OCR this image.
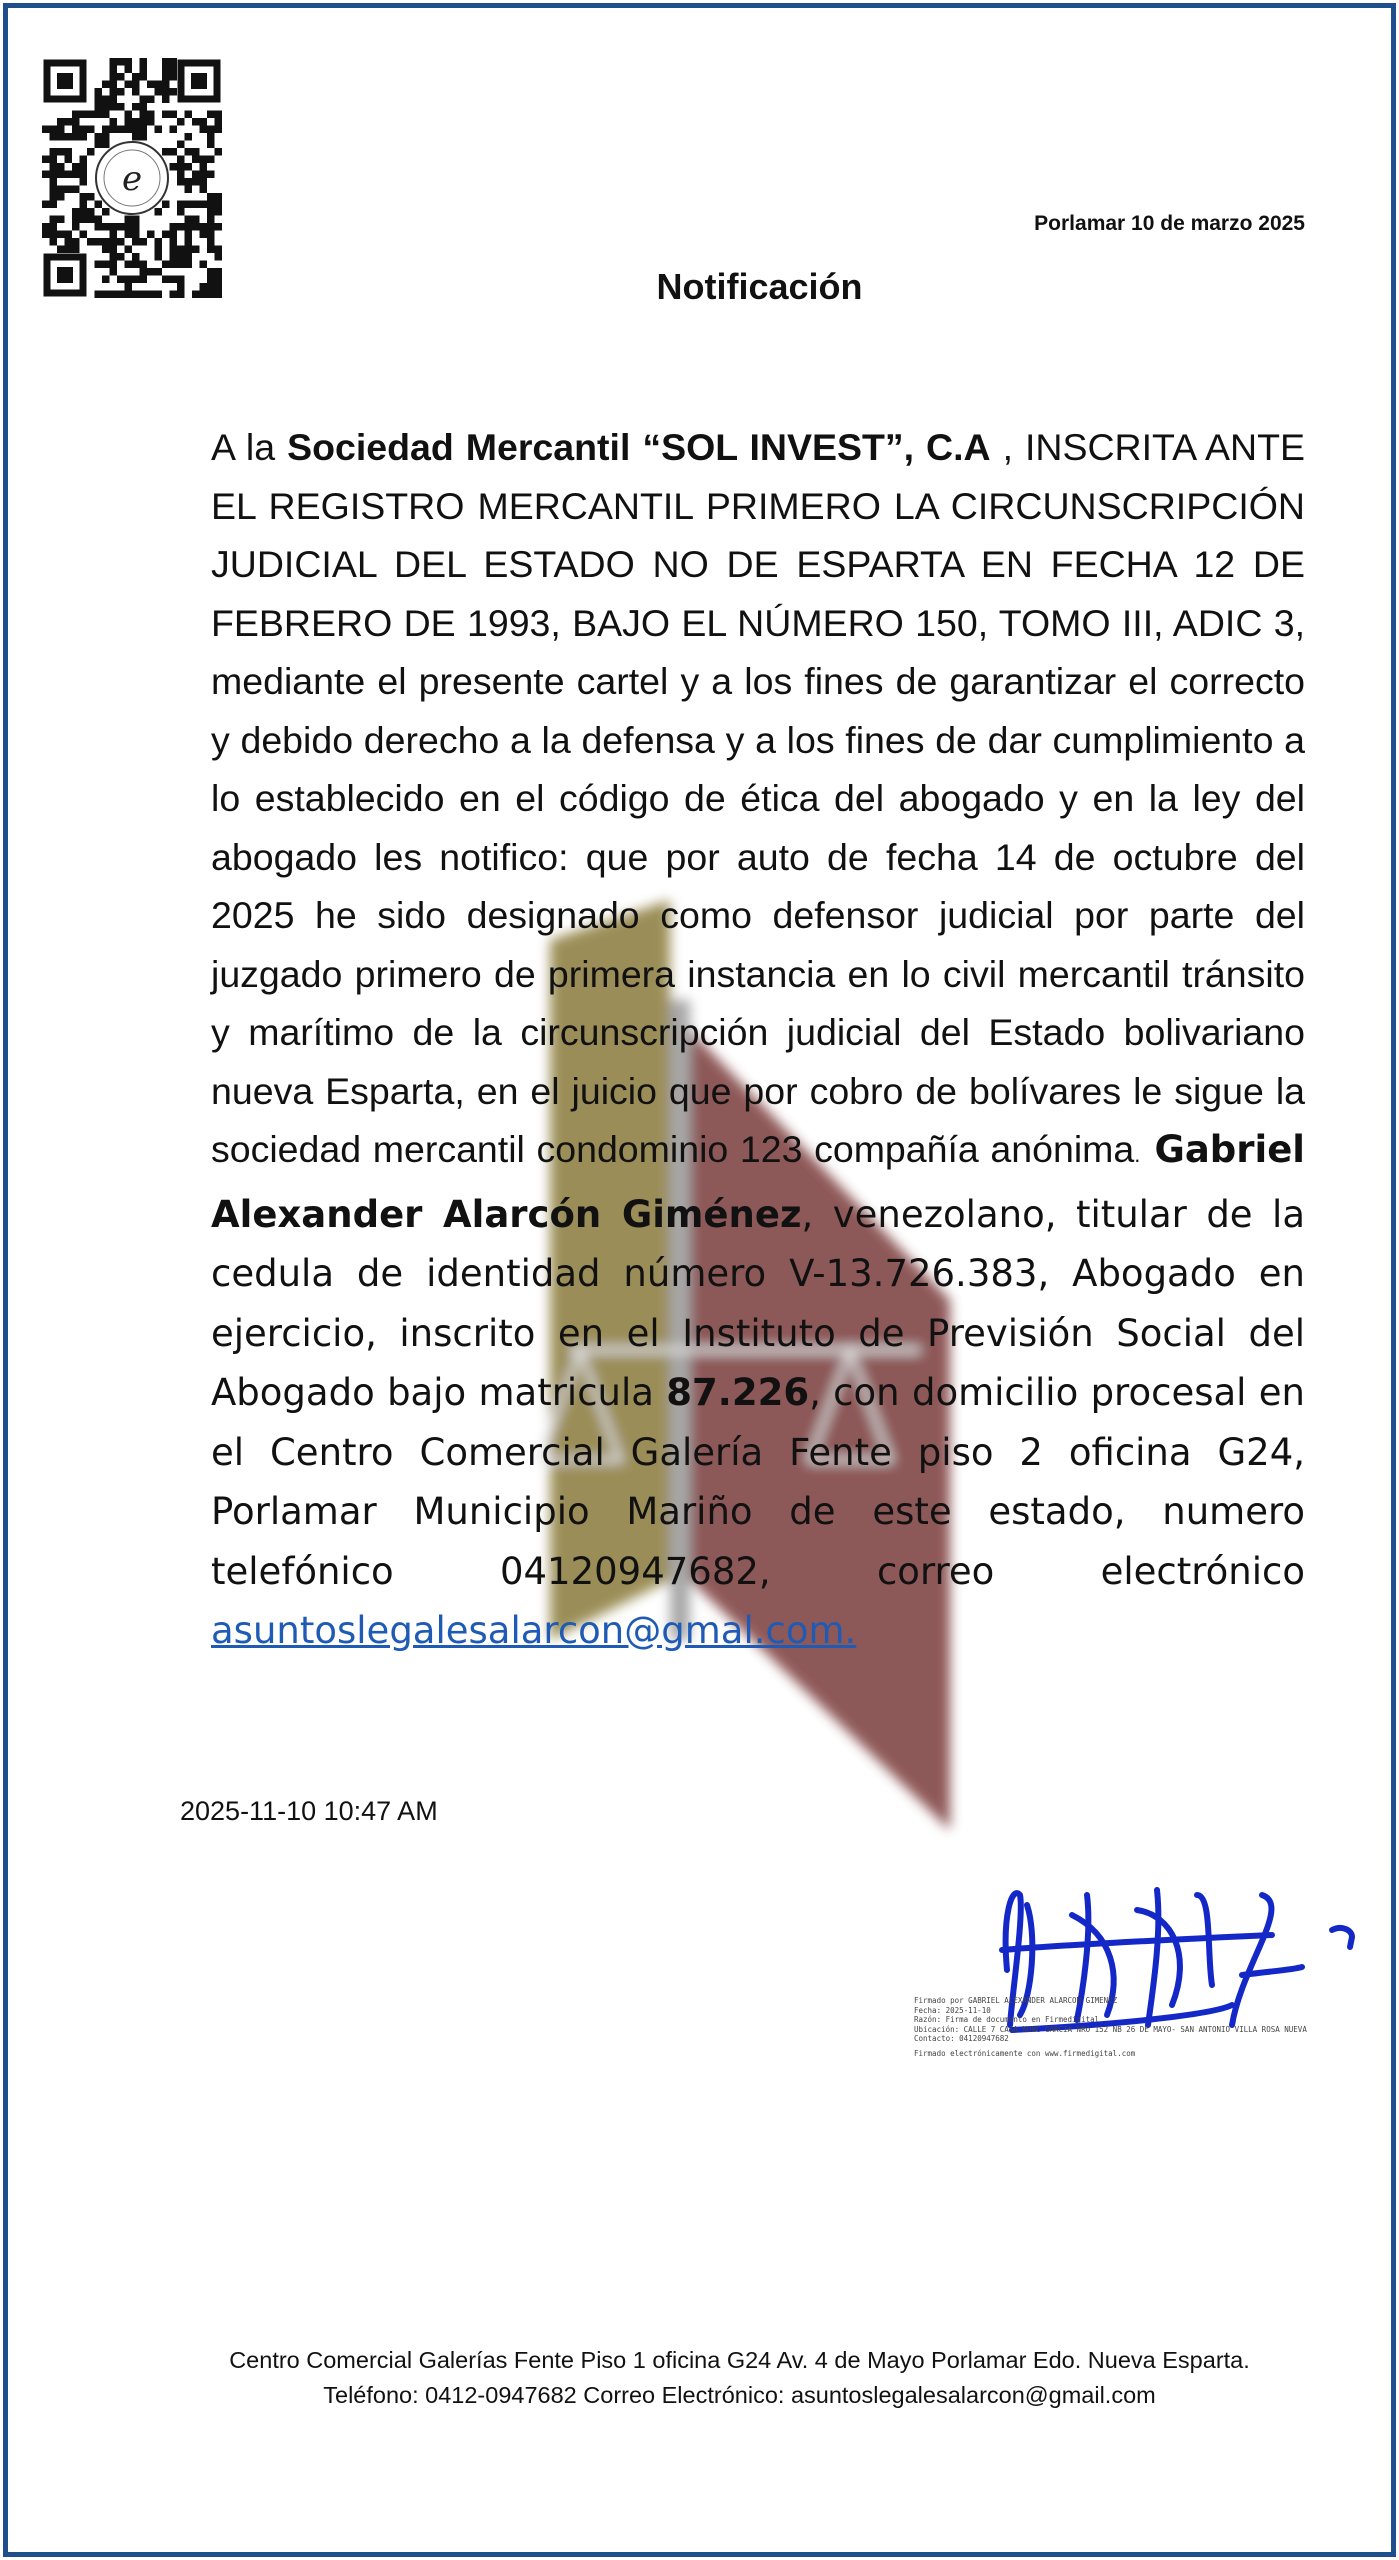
e
Porlamar 10 de marzo 2025
Notificación

A la Sociedad Mercantil “SOL INVEST”, C.A , INSCRITA ANTE EL REGISTRO MERCANTIL PRIMERO LA CIRCUNSCRIPCIÓN JUDICIAL DEL ESTADO NO DE ESPARTA EN FECHA 12 DE FEBRERO DE 1993, BAJO EL NÚMERO 150, TOMO III, ADIC 3, mediante el presente cartel y a los fines de garantizar el correcto y debido derecho a la defensa y a los fines de dar cumplimiento a lo establecido en el código de ética del abogado y en la ley del abogado les notifico: que por auto de fecha 14 de octubre del 2025 he sido designado como defensor judicial por parte del juzgado primero de primera instancia en lo civil mercantil tránsito y marítimo de la circunscripción judicial del Estado bolivariano nueva Esparta, en el juicio que por cobro de bolívares le sigue la sociedad mercantil condominio 123 compañía anónima. Gabriel Alexander Alarcón Giménez, venezolano, titular de la cedula de identidad número V-13.726.383, Abogado en ejercicio, inscrito en el Instituto de Previsión Social del Abogado bajo matricula 87.226, con domicilio procesal en el Centro Comercial Galería Fente piso 2 oficina G24, Porlamar Municipio Mariño de este estado, numero telefónico 04120947682, correo electrónico asuntoslegalesalarcon@gmal.com.

2025-11-10 10:47 AM
Firmado por GABRIEL ALEXANDER ALARCON GIMENEZ
Fecha: 2025-11-10
Razón: Firma de documento en Firmedigital
Ubicación: CALLE 7 CASA NUNC GARCIA NRO 152 NB 26 DE MAYO- SAN ANTONIO VILLA ROSA NUEVA
Contacto: 04120947682
Firmado electrónicamente con www.firmedigital.com
Centro Comercial Galerías Fente Piso 1 oficina G24 Av. 4 de Mayo Porlamar Edo. Nueva Esparta.
Teléfono: 0412-0947682 Correo Electrónico: asuntoslegalesalarcon@gmail.com
